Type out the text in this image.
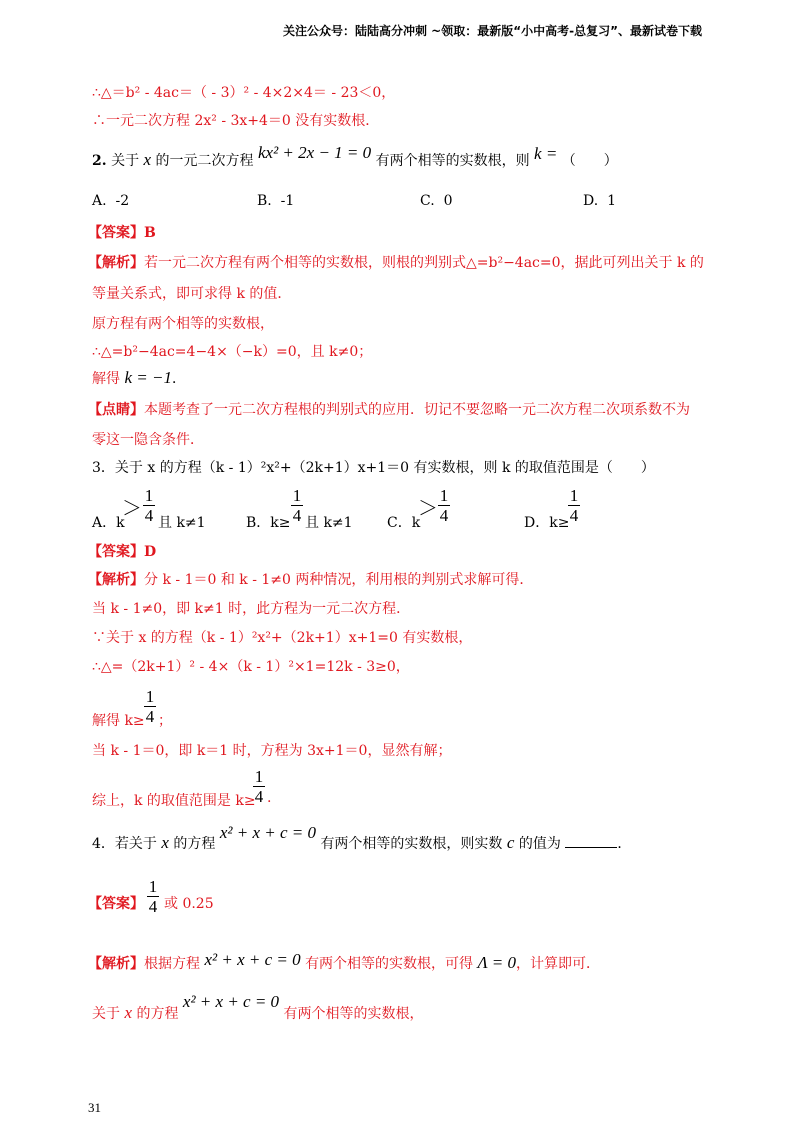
关注公众号：陆陆高分冲刺 ~领取：最新版“小中高考-总复习”、最新试卷下载
∴△＝b² - 4ac＝（ - 3）² - 4×2×4＝ - 23＜0，
∴一元二次方程 2x² - 3x+4＝0 没有实数根．
2. 关于 x 的一元二次方程 kx² + 2x − 1 = 0 有两个相等的实数根，则 k = （　　）
A. -2	B. -1	C. 0	D. 1
【答案】B
【解析】若一元二次方程有两个相等的实数根，则根的判别式△=b²−4ac=0，据此可列出关于 k 的
等量关系式，即可求得 k 的值．
原方程有两个相等的实数根，
∴△=b²−4ac=4−4×（−k）=0，且 k≠0；
解得 k = −1．
【点睛】本题考查了一元二次方程根的判别式的应用．切记不要忽略一元二次方程二次项系数不为
零这一隐含条件．
3．关于 x 的方程（k - 1）²x²+（2k+1）x+1＝0 有实数根，则 k 的取值范围是（　　）
A．k
＞
1
4 且 k≠1	B．k≥
1
4 且 k≠1 C．k
＞
1
4	D．k≥
1
4
【答案】D
【解析】分 k - 1＝0 和 k - 1≠0 两种情况，利用根的判别式求解可得．
当 k - 1≠0，即 k≠1 时，此方程为一元二次方程．
∵关于 x 的方程（k - 1）²x²+（2k+1）x+1=0 有实数根，
∴△=（2k+1）² - 4×（k - 1）²×1=12k - 3≥0，
解得 k≥
1
4 ；
当 k - 1＝0，即 k＝1 时，方程为 3x+1＝0，显然有解；
综上，k 的取值范围是 k≥
1
4 .
4．若关于 x 的方程 x² + x + c = 0 有两个相等的实数根，则实数 c 的值为	．
【答案】
1
4 或 0.25
【解析】根据方程 x² + x + c = 0 有两个相等的实数根，可得 Λ = 0，计算即可．
关于 x 的方程 x² + x + c = 0 有两个相等的实数根，
31
